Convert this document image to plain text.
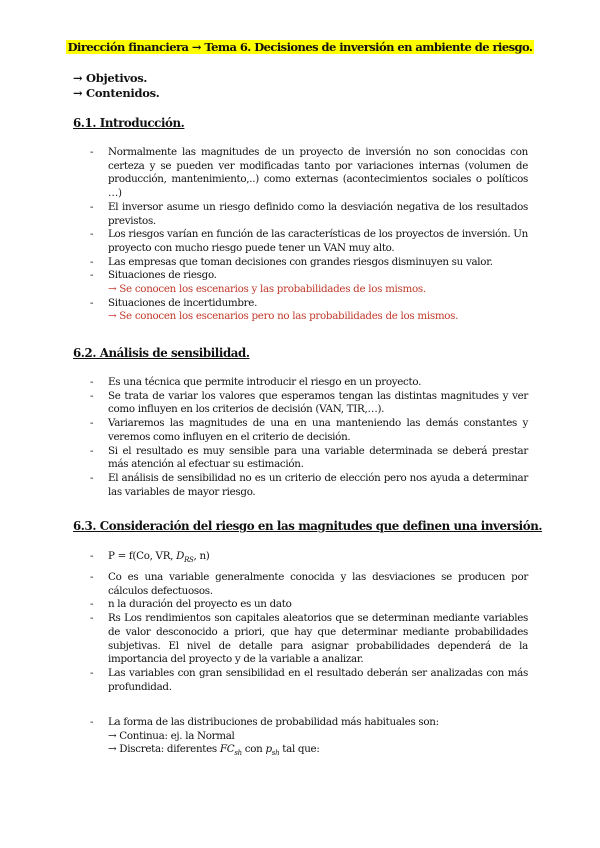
Dirección financiera → Tema 6. Decisiones de inversión en ambiente de riesgo.
→ Objetivos.
→ Contenidos.
6.1. Introducción.
- Normalmente las magnitudes de un proyecto de inversión no son conocidas con certeza y se pueden ver modificadas tanto por variaciones internas (volumen de producción, mantenimiento,..) como externas (acontecimientos sociales o políticos …)
- El inversor asume un riesgo definido como la desviación negativa de los resultados previstos.
- Los riesgos varían en función de las características de los proyectos de inversión. Un proyecto con mucho riesgo puede tener un VAN muy alto.
- Las empresas que toman decisiones con grandes riesgos disminuyen su valor.
- Situaciones de riesgo.
→ Se conocen los escenarios y las probabilidades de los mismos.
- Situaciones de incertidumbre.
→ Se conocen los escenarios pero no las probabilidades de los mismos.
6.2. Análisis de sensibilidad.
- Es una técnica que permite introducir el riesgo en un proyecto.
- Se trata de variar los valores que esperamos tengan las distintas magnitudes y ver como influyen en los criterios de decisión (VAN, TIR,…).
- Variaremos las magnitudes de una en una manteniendo las demás constantes y veremos como influyen en el criterio de decisión.
- Si el resultado es muy sensible para una variable determinada se deberá prestar más atención al efectuar su estimación.
- El análisis de sensibilidad no es un criterio de elección pero nos ayuda a determinar las variables de mayor riesgo.
6.3. Consideración del riesgo en las magnitudes que definen una inversión.
- P = f(Co, VR, $D_{RS}$, n)
- Co es una variable generalmente conocida y las desviaciones se producen por cálculos defectuosos.
- n la duración del proyecto es un dato
- Rs Los rendimientos son capitales aleatorios que se determinan mediante variables de valor desconocido a priori, que hay que determinar mediante probabilidades subjetivas. El nivel de detalle para asignar probabilidades dependerá de la importancia del proyecto y de la variable a analizar.
- Las variables con gran sensibilidad en el resultado deberán ser analizadas con más profundidad.
- La forma de las distribuciones de probabilidad más habituales son:
→ Continua: ej. la Normal
→ Discreta: diferentes $FC_{sh}$ con $p_{sh}$ tal que:
